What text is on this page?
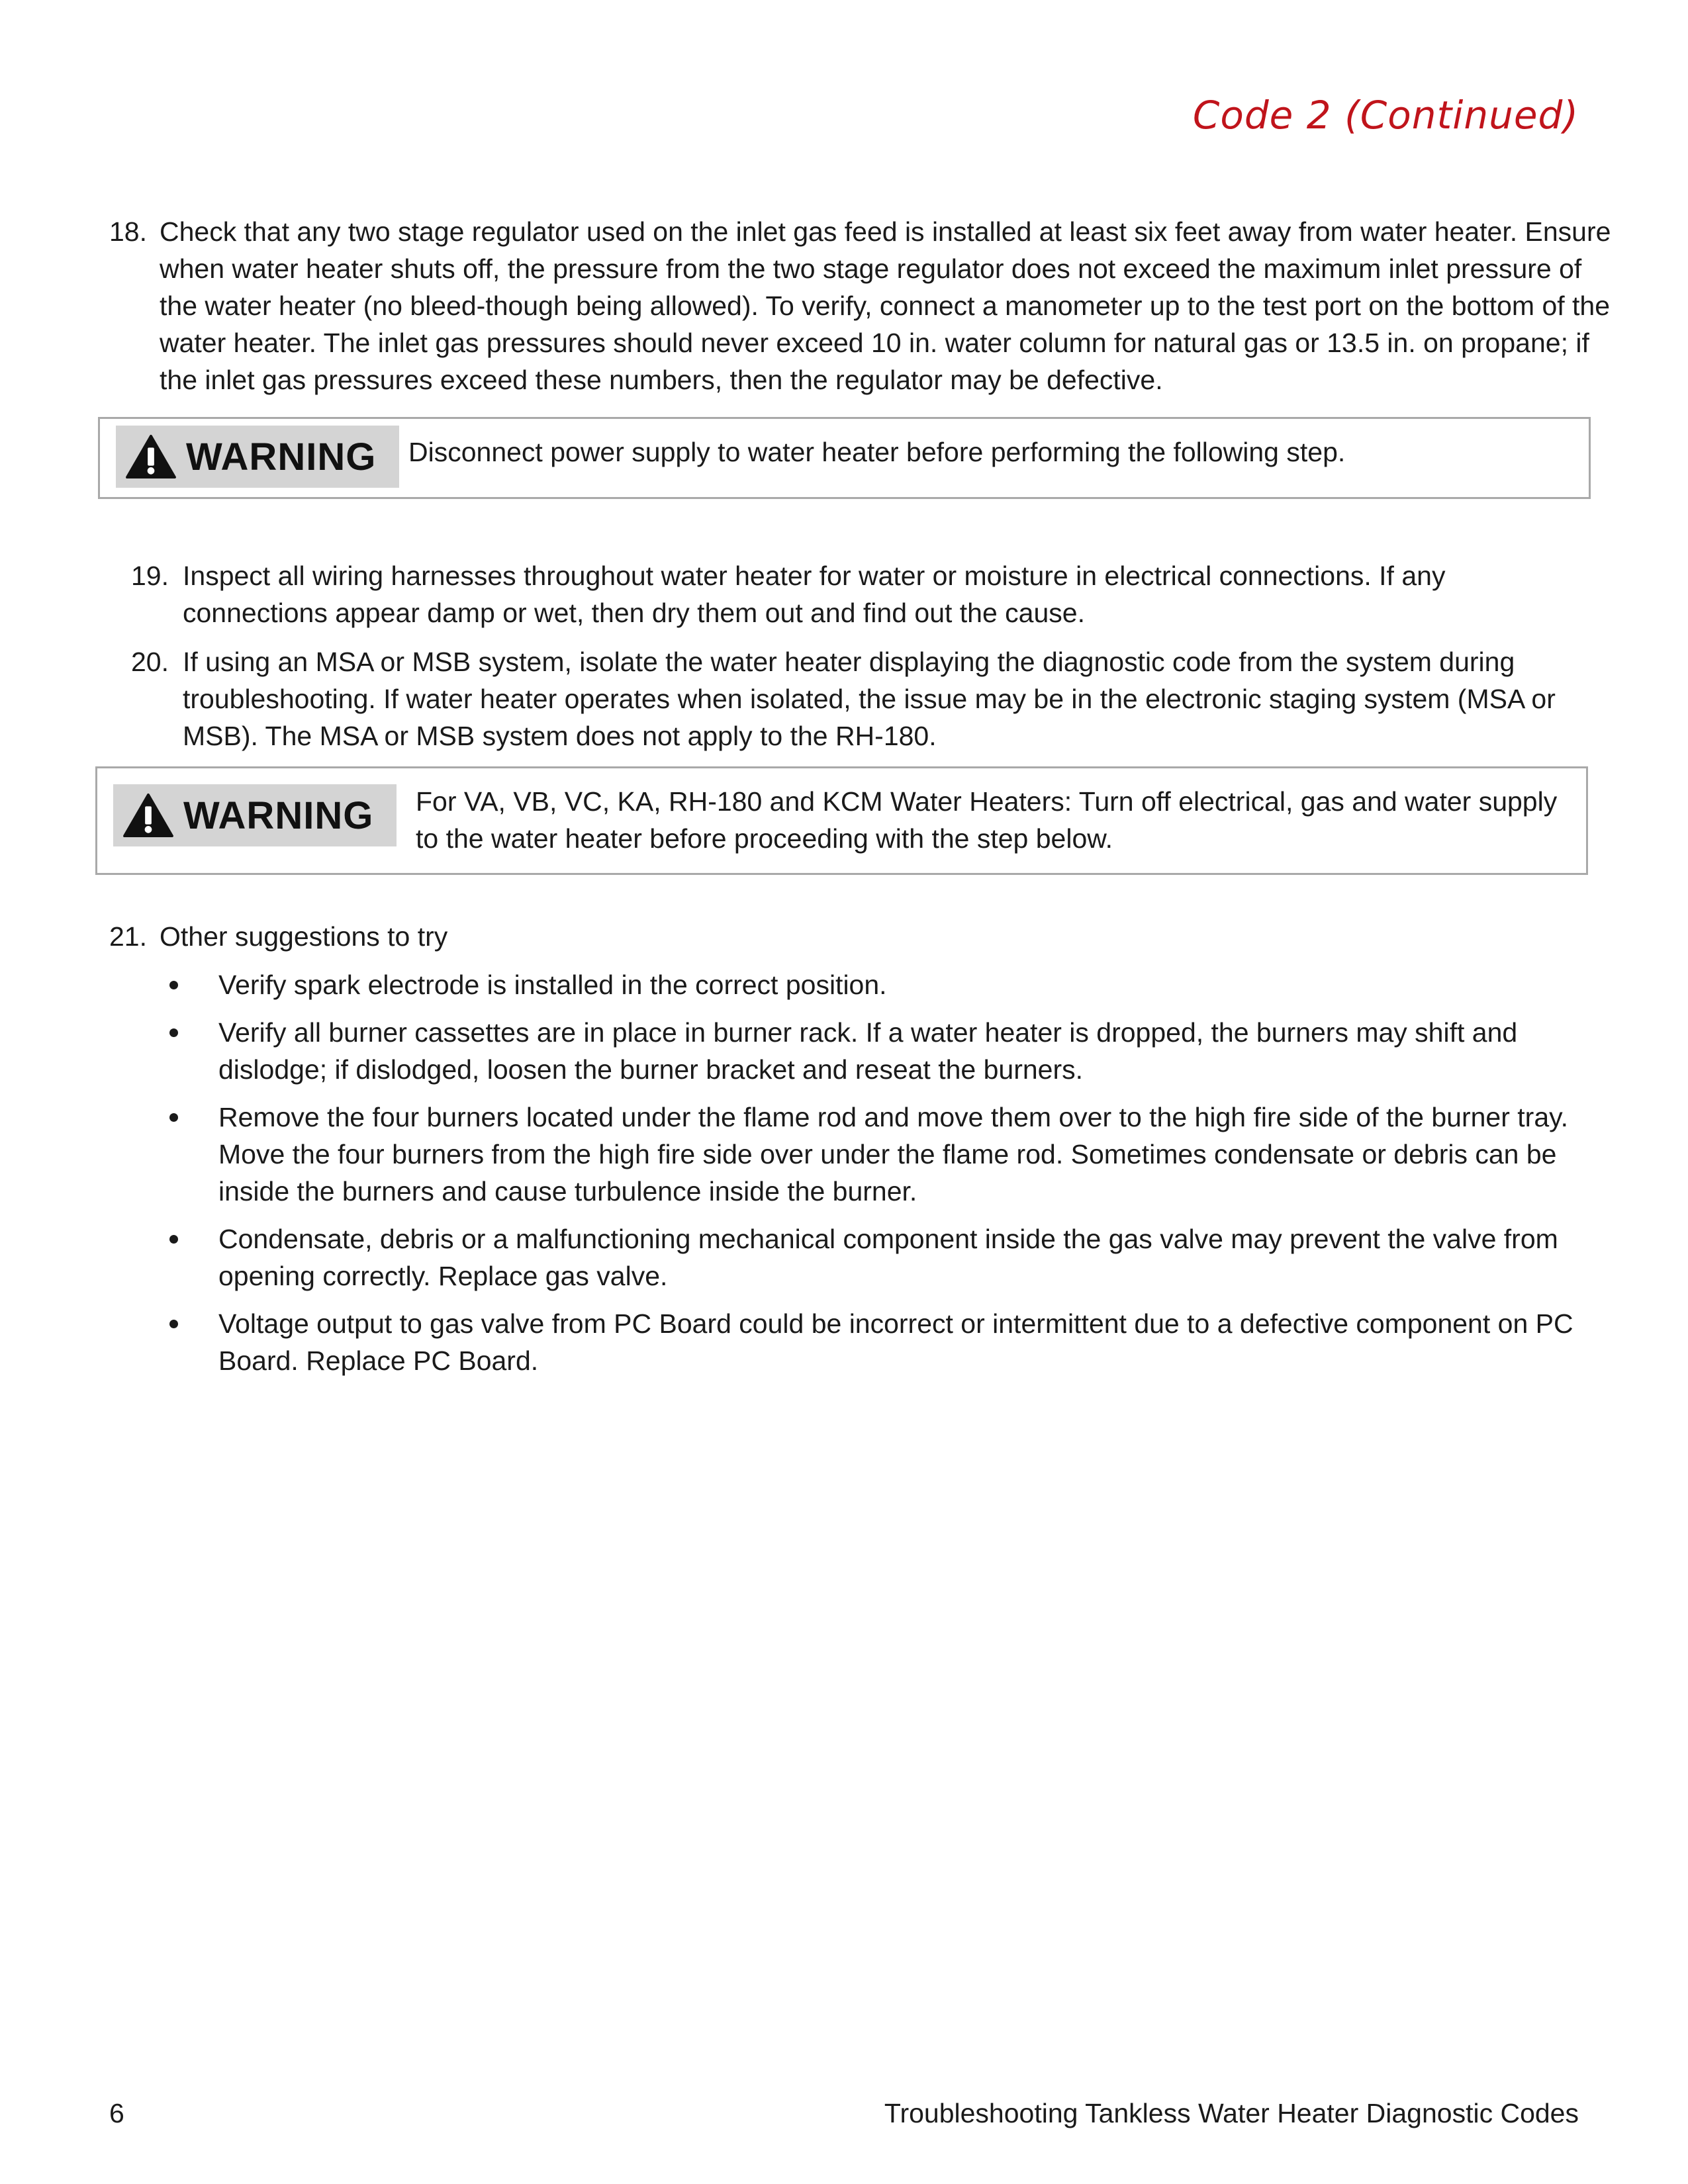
Code 2 (Continued)
18. Check that any two stage regulator used on the inlet gas feed is installed at least six feet away from water heater. Ensure when water heater shuts off, the pressure from the two stage regulator does not exceed the maximum inlet pressure of the water heater (no bleed-though being allowed). To verify, connect a manometer up to the test port on the bottom of the water heater. The inlet gas pressures should never exceed 10 in. water column for natural gas or 13.5 in. on propane; if the inlet gas pressures exceed these numbers, then the regulator may be defective.
WARNING Disconnect power supply to water heater before performing the following step.
19. Inspect all wiring harnesses throughout water heater for water or moisture in electrical connections. If any connections appear damp or wet, then dry them out and find out the cause.
20. If using an MSA or MSB system, isolate the water heater displaying the diagnostic code from the system during troubleshooting. If water heater operates when isolated, the issue may be in the electronic staging system (MSA or MSB). The MSA or MSB system does not apply to the RH-180.
WARNING For VA, VB, VC, KA, RH-180 and KCM Water Heaters: Turn off electrical, gas and water supply to the water heater before proceeding with the step below.
21. Other suggestions to try
Verify spark electrode is installed in the correct position.
Verify all burner cassettes are in place in burner rack. If a water heater is dropped, the burners may shift and dislodge; if dislodged, loosen the burner bracket and reseat the burners.
Remove the four burners located under the flame rod and move them over to the high fire side of the burner tray. Move the four burners from the high fire side over under the flame rod. Sometimes condensate or debris can be inside the burners and cause turbulence inside the burner.
Condensate, debris or a malfunctioning mechanical component inside the gas valve may prevent the valve from opening correctly. Replace gas valve.
Voltage output to gas valve from PC Board could be incorrect or intermittent due to a defective component on PC Board. Replace PC Board.
6	Troubleshooting Tankless Water Heater Diagnostic Codes
